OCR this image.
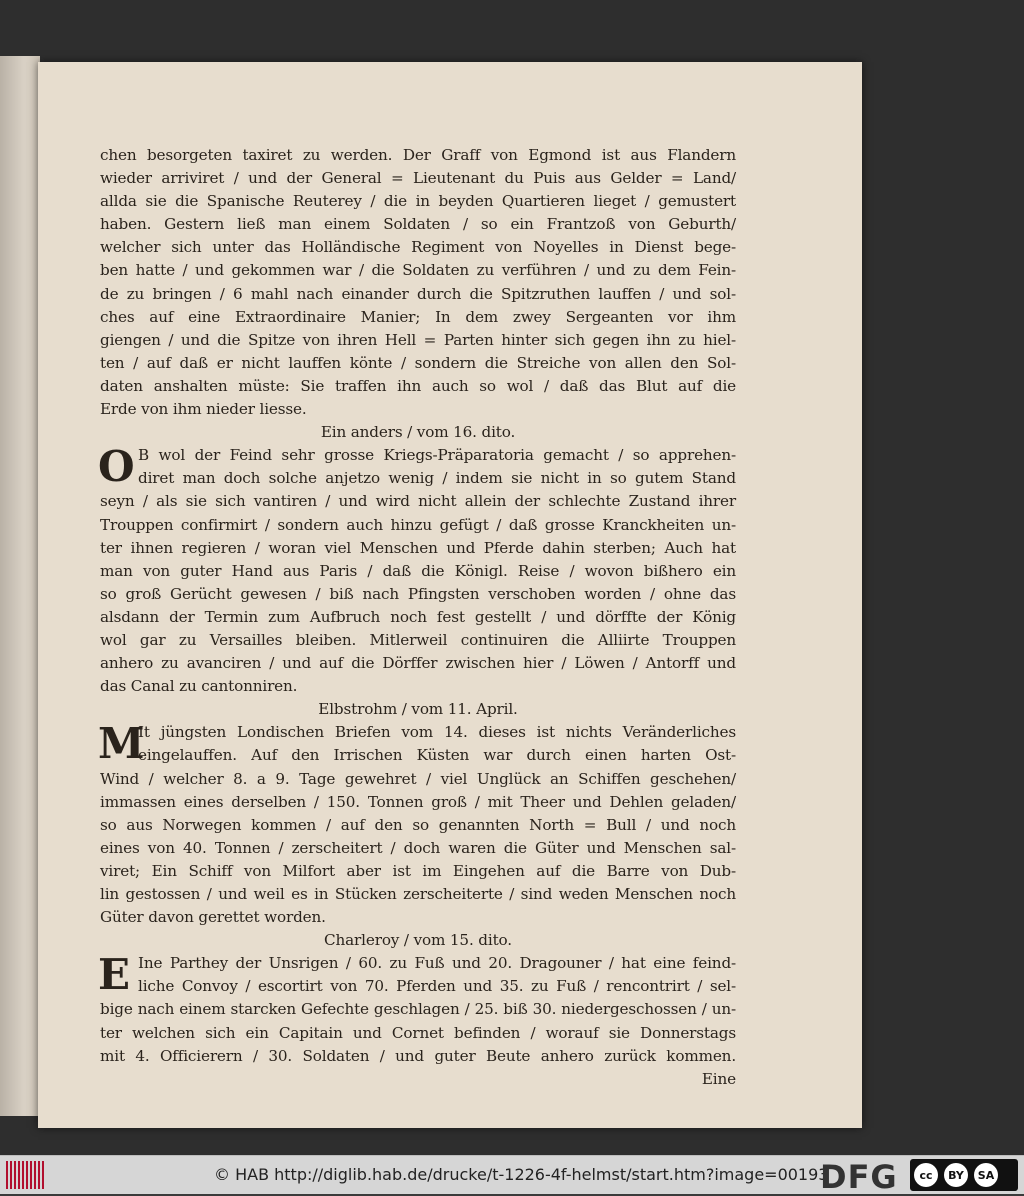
chen besorgeten taxiret zu werden. Der Graff von Egmond ist aus Flandern
wieder arriviret / und der General = Lieutenant du Puis aus Gelder = Land/
allda sie die Spanische Reuterey / die in beyden Quartieren lieget / gemustert
haben. Gestern ließ man einem Soldaten / so ein Frantzoß von Geburth/
welcher sich unter das Holländische Regiment von Noyelles in Dienst bege-
ben hatte / und gekommen war / die Soldaten zu verführen / und zu dem Fein-
de zu bringen / 6 mahl nach einander durch die Spitzruthen lauffen / und sol-
ches auf eine Extraordinaire Manier; In dem zwey Sergeanten vor ihm
giengen / und die Spitze von ihren Hell = Parten hinter sich gegen ihn zu hiel-
ten / auf daß er nicht lauffen könte / sondern die Streiche von allen den Sol-
daten anshalten müste: Sie traffen ihn auch so wol / daß das Blut auf die
Erde von ihm nieder liesse.
Ein anders / vom 16. dito.
O B wol der Feind sehr grosse Kriegs-Präparatoria gemacht / so apprehen-
diret man doch solche anjetzo wenig / indem sie nicht in so gutem Stand
seyn / als sie sich vantiren / und wird nicht allein der schlechte Zustand ihrer
Trouppen confirmirt / sondern auch hinzu gefügt / daß grosse Kranckheiten un-
ter ihnen regieren / woran viel Menschen und Pferde dahin sterben; Auch hat
man von guter Hand aus Paris / daß die Königl. Reise / wovon bißhero ein
so groß Gerücht gewesen / biß nach Pfingsten verschoben worden / ohne das
alsdann der Termin zum Aufbruch noch fest gestellt / und dörffte der König
wol gar zu Versailles bleiben. Mitlerweil continuiren die Alliirte Trouppen
anhero zu avanciren / und auf die Dörffer zwischen hier / Löwen / Antorff und
das Canal zu cantonniren.
Elbstrohm / vom 11. April.
M
It jüngsten Londischen Briefen vom 14. dieses ist nichts Veränderliches
eingelauffen. Auf den Irrischen Küsten war durch einen harten Ost-
Wind / welcher 8. a 9. Tage gewehret / viel Unglück an Schiffen geschehen/
immassen eines derselben / 150. Tonnen groß / mit Theer und Dehlen geladen/
so aus Norwegen kommen / auf den so genannten North = Bull / und noch
eines von 40. Tonnen / zerscheitert / doch waren die Güter und Menschen sal-
viret; Ein Schiff von Milfort aber ist im Eingehen auf die Barre von Dub-
lin gestossen / und weil es in Stücken zerscheiterte / sind weden Menschen noch
Güter davon gerettet worden.
Charleroy / vom 15. dito.
E Ine Parthey der Unsrigen / 60. zu Fuß und 20. Dragouner / hat eine feind-
liche Convoy / escortirt von 70. Pferden und 35. zu Fuß / rencontrirt / sel-
bige nach einem starcken Gefechte geschlagen / 25. biß 30. niedergeschossen / un-
ter welchen sich ein Capitain und Cornet befinden / worauf sie Donnerstags
mit 4. Officierern / 30. Soldaten / und guter Beute anhero zurück kommen.
Eine
© HAB http://diglib.hab.de/drucke/t-1226-4f-helmst/start.htm?image=00193
DFG	cc	BY	SA
